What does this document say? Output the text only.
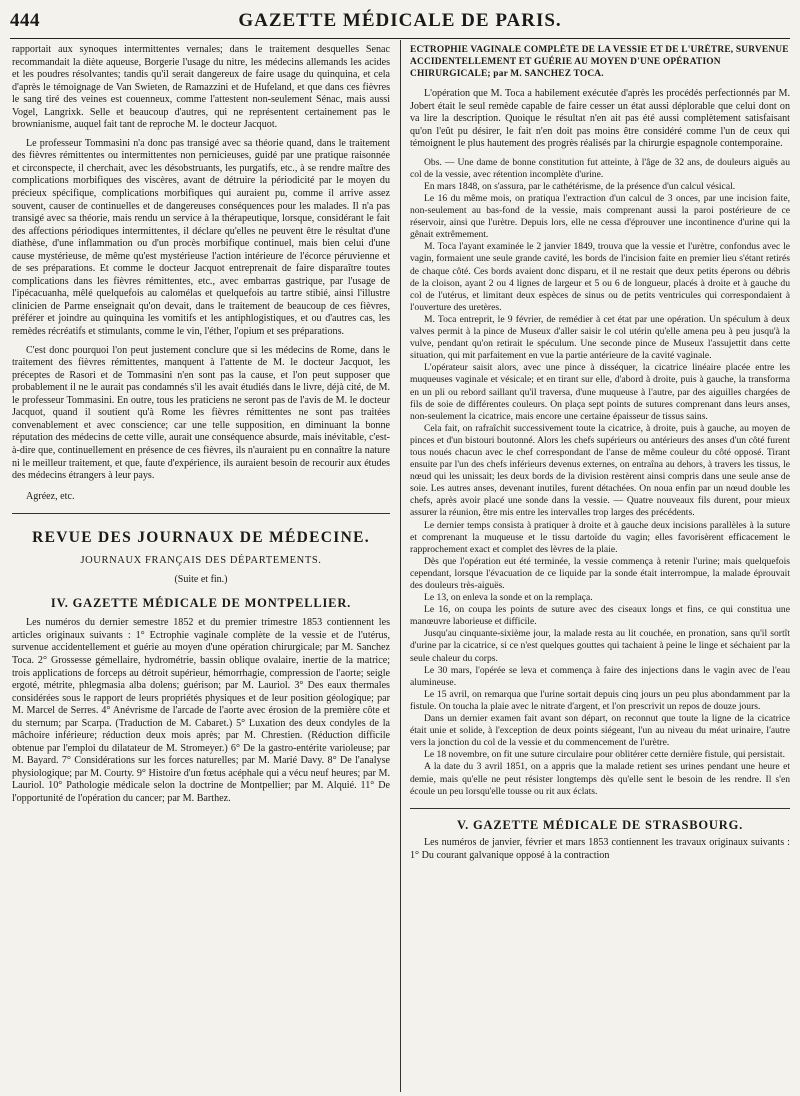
444	GAZETTE MÉDICALE DE PARIS.

rapportait aux synoques intermittentes vernales; dans le traitement desquelles Senac recommandait la diète aqueuse, Borgerie l'usage du nitre, les médecins allemands les acides et les poudres résolvantes; tandis qu'il serait dangereux de faire usage du quinquina, et cela d'après le témoignage de Van Swieten, de Ramazzini et de Hufeland, et que dans ces fièvres le sang tiré des veines est couenneux, comme l'attestent non-seulement Sénac, mais aussi Vogel, Langrixk. Selle et beaucoup d'autres, qui ne représentent certainement pas le brownianisme, auquel fait tant de reproche M. le docteur Jacquot.

Le professeur Tommasini n'a donc pas transigé avec sa théorie quand, dans le traitement des fièvres rémittentes ou intermittentes non pernicieuses, guidé par une pratique raisonnée et circonspecte, il cherchait, avec les désobstruants, les purgatifs, etc., à se rendre maître des complications morbifiques des viscères, avant de détruire la périodicité par le moyen du précieux spécifique, complications morbifiques qui auraient pu, comme il arrive assez souvent, causer de continuelles et de dangereuses conséquences pour les malades. Il n'a pas transigé avec sa théorie, mais rendu un service à la thérapeutique, lorsque, considérant le fait des affections périodiques intermittentes, il déclare qu'elles ne peuvent être le résultat d'une diathèse, d'une inflammation ou d'un procès morbifique continuel, mais bien celui d'une cause mystérieuse, de même qu'est mystérieuse l'action intérieure de l'écorce péruvienne et de ses préparations. Et comme le docteur Jacquot entreprenait de faire disparaître toutes complications dans les fièvres rémittentes, etc., avec embarras gastrique, par l'usage de l'ipécacuanha, mêlé quelquefois au calomélas et quelquefois au tartre stibié, ainsi l'illustre clinicien de Parme enseignait qu'on devait, dans le traitement de beaucoup de ces fièvres, préférer et joindre au quinquina les vomitifs et les antiphlogistiques, et ou d'autres cas, les remèdes récréatifs et stimulants, comme le vin, l'éther, l'opium et ses préparations.

C'est donc pourquoi l'on peut justement conclure que si les médecins de Rome, dans le traitement des fièvres rémittentes, manquent à l'attente de M. le docteur Jacquot, les préceptes de Rasori et de Tommasini n'en sont pas la cause, et l'on peut supposer que probablement il ne le aurait pas condamnés s'il les avait étudiés dans le livre, déjà cité, de M. le professeur Tommasini. En outre, tous les praticiens ne seront pas de l'avis de M. le docteur Jacquot, quand il soutient qu'à Rome les fièvres rémittentes ne sont pas traitées convenablement et avec conscience; car une telle supposition, en diminuant la bonne réputation des médecins de cette ville, aurait une conséquence absurde, mais inévitable, c'est-à-dire que, continuellement en présence de ces fièvres, ils n'auraient pu en connaître la nature ni le meilleur traitement, et que, faute d'expérience, ils auraient besoin de recourir aux études des médecins étrangers à leur pays.

Agréez, etc.

REVUE DES JOURNAUX DE MÉDECINE.
JOURNAUX FRANÇAIS DES DÉPARTEMENTS.
(Suite et fin.)
IV. GAZETTE MÉDICALE DE MONTPELLIER.

Les numéros du dernier semestre 1852 et du premier trimestre 1853 contiennent les articles originaux suivants : 1° Ectrophie vaginale complète de la vessie et de l'utérus, survenue accidentellement et guérie au moyen d'une opération chirurgicale; par M. Sanchez Toca. 2° Grossesse gémellaire, hydrométrie, bassin oblique ovalaire, inertie de la matrice; trois applications de forceps au détroit supérieur, hémorrhagie, compression de l'aorte; seigle ergoté, métrite, phlegmasia alba dolens; guérison; par M. Lauriol. 3° Des eaux thermales considérées sous le rapport de leurs propriétés physiques et de leur position géologique; par M. Marcel de Serres. 4° Anévrisme de l'arcade de l'aorte avec érosion de la première côte et du sternum; par Scarpa. (Traduction de M. Cabaret.) 5° Luxation des deux condyles de la mâchoire inférieure; réduction deux mois après; par M. Chrestien. (Réduction difficile obtenue par l'emploi du dilatateur de M. Stromeyer.) 6° De la gastro-entérite varioleuse; par M. Bayard. 7° Considérations sur les forces naturelles; par M. Marié Davy. 8° De l'analyse physiologique; par M. Courty. 9° Histoire d'un fœtus acéphale qui a vécu neuf heures; par M. Lauriol. 10° Pathologie médicale selon la doctrine de Montpellier; par M. Alquié. 11° De l'opportunité de l'opération du cancer; par M. Barthez.

ECTROPHIE VAGINALE COMPLÈTE DE LA VESSIE ET DE L'URÈTRE, SURVENUE ACCIDENTELLEMENT ET GUÉRIE AU MOYEN D'UNE OPÉRATION CHIRURGICALE; par M. SANCHEZ TOCA.

L'opération que M. Toca a habilement exécutée d'après les procédés perfectionnés par M. Jobert était le seul remède capable de faire cesser un état aussi déplorable que celui dont on va lire la description. Quoique le résultat n'en ait pas été aussi complètement satisfaisant qu'on l'eût pu désirer, le fait n'en doit pas moins être considéré comme l'un de ceux qui témoignent le plus hautement des progrès réalisés par la chirurgie espagnole contemporaine.

Obs. — Une dame de bonne constitution fut atteinte, à l'âge de 32 ans, de douleurs aiguës au col de la vessie, avec rétention incomplète d'urine.

En mars 1848, on s'assura, par le cathétérisme, de la présence d'un calcul vésical.

Le 16 du même mois, on pratiqua l'extraction d'un calcul de 3 onces, par une incision faite, non-seulement au bas-fond de la vessie, mais comprenant aussi la paroi postérieure de ce réservoir, ainsi que l'urètre. Depuis lors, elle ne cessa d'éprouver une incontinence d'urine qui la gênait extrêmement.

M. Toca l'ayant examinée le 2 janvier 1849, trouva que la vessie et l'urètre, confondus avec le vagin, formaient une seule grande cavité, les bords de l'incision faite en premier lieu s'étant retirés de chaque côté. Ces bords avaient donc disparu, et il ne restait que deux petits éperons ou débris de la cloison, ayant 2 ou 4 lignes de largeur et 5 ou 6 de longueur, placés à droite et à gauche du col de l'utérus, et limitant deux espèces de sinus ou de petits ventricules qui correspondaient à l'ouverture des uretères.

M. Toca entreprit, le 9 février, de remédier à cet état par une opération. Un spéculum à deux valves permit à la pince de Museux d'aller saisir le col utérin qu'elle amena peu à peu jusqu'à la vulve, pendant qu'on retirait le spéculum. Une seconde pince de Museux l'assujettit dans cette situation, qui mit parfaitement en vue la partie antérieure de la cavité vaginale.

L'opérateur saisit alors, avec une pince à disséquer, la cicatrice linéaire placée entre les muqueuses vaginale et vésicale; et en tirant sur elle, d'abord à droite, puis à gauche, la transforma en un pli ou rebord saillant qu'il traversa, d'une muqueuse à l'autre, par des aiguilles chargées de fils de soie de différentes couleurs. On plaça sept points de sutures comprenant dans leurs anses, non-seulement la cicatrice, mais encore une certaine épaisseur de tissus sains.

Cela fait, on rafraîchit successivement toute la cicatrice, à droite, puis à gauche, au moyen de pinces et d'un bistouri boutonné. Alors les chefs supérieurs ou antérieurs des anses d'un côté furent tous noués chacun avec le chef correspondant de l'anse de même couleur du côté opposé. Tirant ensuite par l'un des chefs inférieurs devenus externes, on entraîna au dehors, à travers les tissus, le nœud qui les unissait; les deux bords de la division restèrent ainsi compris dans une seule anse de soie. Les autres anses, devenant inutiles, furent détachées. On noua enfin par un nœud double les chefs, après avoir placé une sonde dans la vessie. — Quatre nouveaux fils durent, pour mieux assurer la réunion, être mis entre les intervalles trop larges des précédents.

Le dernier temps consista à pratiquer à droite et à gauche deux incisions parallèles à la suture et comprenant la muqueuse et le tissu dartoïde du vagin; elles favorisèrent efficacement le rapprochement exact et complet des lèvres de la plaie.

Dès que l'opération eut été terminée, la vessie commença à retenir l'urine; mais quelquefois cependant, lorsque l'évacuation de ce liquide par la sonde était interrompue, la malade éprouvait des douleurs très-aiguës.

Le 13, on enleva la sonde et on la remplaça.

Le 16, on coupa les points de suture avec des ciseaux longs et fins, ce qui constitua une manœuvre laborieuse et difficile.

Jusqu'au cinquante-sixième jour, la malade resta au lit couchée, en pronation, sans qu'il sortît d'urine par la cicatrice, si ce n'est quelques gouttes qui tachaient à peine le linge et séchaient par la seule chaleur du corps.

Le 30 mars, l'opérée se leva et commença à faire des injections dans le vagin avec de l'eau alumineuse.

Le 15 avril, on remarqua que l'urine sortait depuis cinq jours un peu plus abondamment par la fistule. On toucha la plaie avec le nitrate d'argent, et l'on prescrivit un repos de douze jours.

Dans un dernier examen fait avant son départ, on reconnut que toute la ligne de la cicatrice était unie et solide, à l'exception de deux points siégeant, l'un au niveau du méat urinaire, l'autre vers la jonction du col de la vessie et du commencement de l'urètre.

Le 18 novembre, on fit une suture circulaire pour oblitérer cette dernière fistule, qui persistait.

A la date du 3 avril 1851, on a appris que la malade retient ses urines pendant une heure et demie, mais qu'elle ne peut résister longtemps dès qu'elle sent le besoin de les rendre. Il s'en écoule un peu lorsqu'elle tousse ou rit aux éclats.

V. GAZETTE MÉDICALE DE STRASBOURG.

Les numéros de janvier, février et mars 1853 contiennent les travaux originaux suivants : 1° Du courant galvanique opposé à la contraction
